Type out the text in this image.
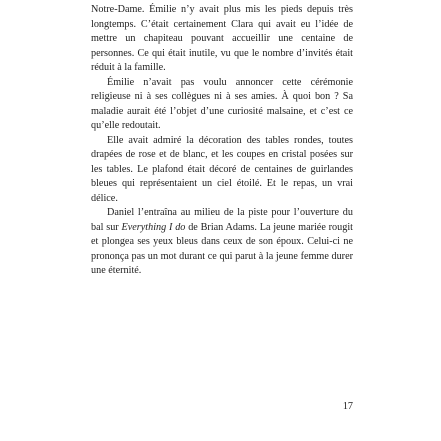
Notre-Dame. Émilie n’y avait plus mis les pieds depuis très longtemps. C’était certainement Clara qui avait eu l’idée de mettre un chapiteau pouvant accueillir une centaine de personnes. Ce qui était inutile, vu que le nombre d’invités était réduit à la famille.

Émilie n’avait pas voulu annoncer cette cérémonie religieuse ni à ses collègues ni à ses amies. À quoi bon ? Sa maladie aurait été l’objet d’une curiosité malsaine, et c’est ce qu’elle redoutait.

Elle avait admiré la décoration des tables rondes, toutes drapées de rose et de blanc, et les coupes en cristal posées sur les tables. Le plafond était décoré de centaines de guirlandes bleues qui représentaient un ciel étoilé. Et le repas, un vrai délice.

Daniel l’entraîna au milieu de la piste pour l’ouverture du bal sur Everything I do de Brian Adams. La jeune mariée rougit et plongea ses yeux bleus dans ceux de son époux. Celui-ci ne prononça pas un mot durant ce qui parut à la jeune femme durer une éternité.

17
